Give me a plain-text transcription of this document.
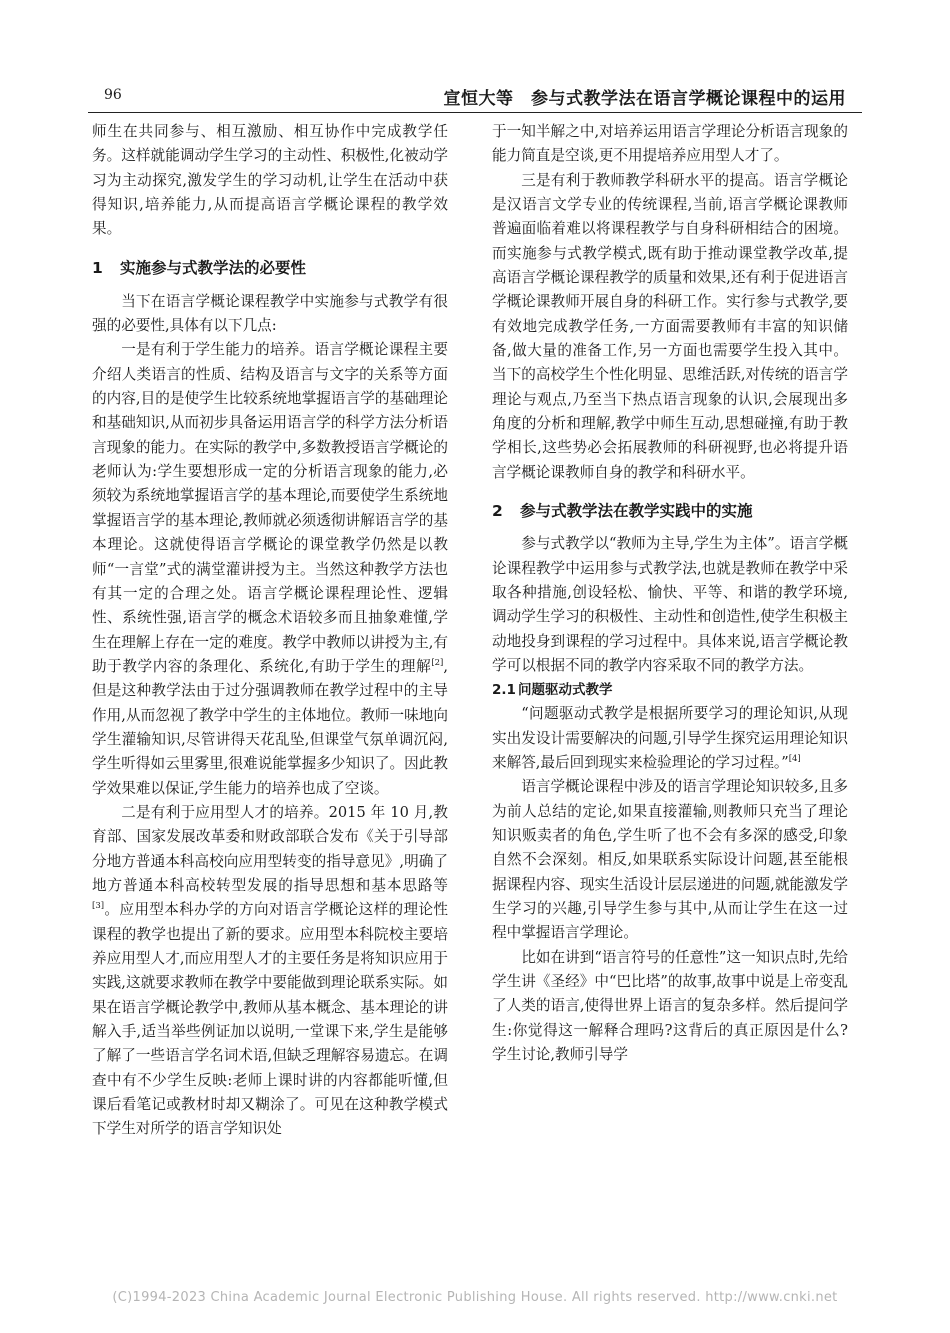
96	宣恒大等　参与式教学法在语言学概论课程中的运用

师生在共同参与、相互激励、相互协作中完成教学任务。这样就能调动学生学习的主动性、积极性,化被动学习为主动探究,激发学生的学习动机,让学生在活动中获得知识,培养能力,从而提高语言学概论课程的教学效果。

1 实施参与式教学法的必要性

当下在语言学概论课程教学中实施参与式教学有很强的必要性,具体有以下几点:

一是有利于学生能力的培养。语言学概论课程主要介绍人类语言的性质、结构及语言与文字的关系等方面的内容,目的是使学生比较系统地掌握语言学的基础理论和基础知识,从而初步具备运用语言学的科学方法分析语言现象的能力。在实际的教学中,多数教授语言学概论的老师认为:学生要想形成一定的分析语言现象的能力,必须较为系统地掌握语言学的基本理论,而要使学生系统地掌握语言学的基本理论,教师就必须透彻讲解语言学的基本理论。这就使得语言学概论的课堂教学仍然是以教师“一言堂”式的满堂灌讲授为主。当然这种教学方法也有其一定的合理之处。语言学概论课程理论性、逻辑性、系统性强,语言学的概念术语较多而且抽象难懂,学生在理解上存在一定的难度。教学中教师以讲授为主,有助于教学内容的条理化、系统化,有助于学生的理解[2],但是这种教学法由于过分强调教师在教学过程中的主导作用,从而忽视了教学中学生的主体地位。教师一味地向学生灌输知识,尽管讲得天花乱坠,但课堂气氛单调沉闷,学生听得如云里雾里,很难说能掌握多少知识了。因此教学效果难以保证,学生能力的培养也成了空谈。

二是有利于应用型人才的培养。2015 年 10 月,教育部、国家发展改革委和财政部联合发布《关于引导部分地方普通本科高校向应用型转变的指导意见》,明确了地方普通本科高校转型发展的指导思想和基本思路等[3]。应用型本科办学的方向对语言学概论这样的理论性课程的教学也提出了新的要求。应用型本科院校主要培养应用型人才,而应用型人才的主要任务是将知识应用于实践,这就要求教师在教学中要能做到理论联系实际。如果在语言学概论教学中,教师从基本概念、基本理论的讲解入手,适当举些例证加以说明,一堂课下来,学生是能够了解了一些语言学名词术语,但缺乏理解容易遗忘。在调查中有不少学生反映:老师上课时讲的内容都能听懂,但课后看笔记或教材时却又糊涂了。可见在这种教学模式下学生对所学的语言学知识处

于一知半解之中,对培养运用语言学理论分析语言现象的能力简直是空谈,更不用提培养应用型人才了。

三是有利于教师教学科研水平的提高。语言学概论是汉语言文学专业的传统课程,当前,语言学概论课教师普遍面临着难以将课程教学与自身科研相结合的困境。而实施参与式教学模式,既有助于推动课堂教学改革,提高语言学概论课程教学的质量和效果,还有利于促进语言学概论课教师开展自身的科研工作。实行参与式教学,要有效地完成教学任务,一方面需要教师有丰富的知识储备,做大量的准备工作,另一方面也需要学生投入其中。当下的高校学生个性化明显、思维活跃,对传统的语言学理论与观点,乃至当下热点语言现象的认识,会展现出多角度的分析和理解,教学中师生互动,思想碰撞,有助于教学相长,这些势必会拓展教师的科研视野,也必将提升语言学概论课教师自身的教学和科研水平。

2 参与式教学法在教学实践中的实施

参与式教学以“教师为主导,学生为主体”。语言学概论课程教学中运用参与式教学法,也就是教师在教学中采取各种措施,创设轻松、愉快、平等、和谐的教学环境,调动学生学习的积极性、主动性和创造性,使学生积极主动地投身到课程的学习过程中。具体来说,语言学概论教学可以根据不同的教学内容采取不同的教学方法。

2.1 问题驱动式教学

“问题驱动式教学是根据所要学习的理论知识,从现实出发设计需要解决的问题,引导学生探究运用理论知识来解答,最后回到现实来检验理论的学习过程。”[4]

语言学概论课程中涉及的语言学理论知识较多,且多为前人总结的定论,如果直接灌输,则教师只充当了理论知识贩卖者的角色,学生听了也不会有多深的感受,印象自然不会深刻。相反,如果联系实际设计问题,甚至能根据课程内容、现实生活设计层层递进的问题,就能激发学生学习的兴趣,引导学生参与其中,从而让学生在这一过程中掌握语言学理论。

比如在讲到“语言符号的任意性”这一知识点时,先给学生讲《圣经》中“巴比塔”的故事,故事中说是上帝变乱了人类的语言,使得世界上语言的复杂多样。然后提问学生:你觉得这一解释合理吗?这背后的真正原因是什么? 学生讨论,教师引导学

(C)1994-2023 China Academic Journal Electronic Publishing House. All rights reserved. http://www.cnki.net
